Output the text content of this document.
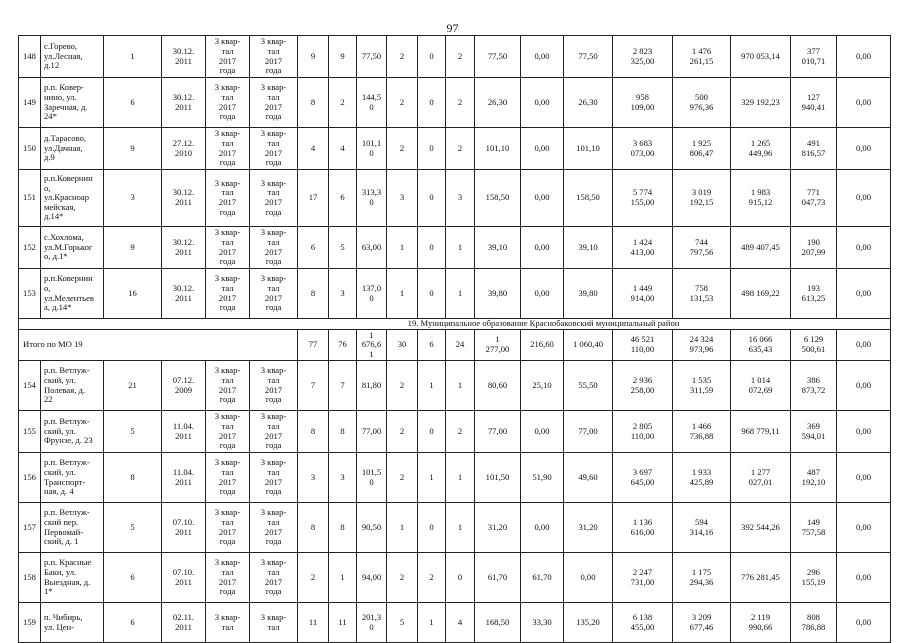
97
148	с.Горево,
ул.Лесная,
д.12	1	30.12.
2011	3 квар-
тал
2017
года	3 квар-
тал
2017
года	9	9	77,50	2	0	2	77,50	0,00	77,50	2 823
325,00	1 476
261,15	970 053,14	377
010,71	0,00
149	р.п. Ковер-
нино, ул.
Заречная, д.
24*	6	30.12.
2011	3 квар-
тал
2017
года	3 квар-
тал
2017
года	8	2	144,5
0	2	0	2	26,30	0,00	26,30	958
109,00	500
976,36	329 192,23	127
940,41	0,00
150	д.Тарасово,
ул.Дачная,
д.9	9	27.12.
2010	3 квар-
тал
2017
года	3 квар-
тал
2017
года	4	4	101,1
0	2	0	2	101,10	0,00	101,10	3 683
073,00	1 925
806,47	1 265
449,96	491
816,57	0,00
151	р.п.Ковернин
о,
ул.Красноар
мейская,
д.14*	3	30.12.
2011	3 квар-
тал
2017
года	3 квар-
тал
2017
года	17	6	313,3
0	3	0	3	158,50	0,00	158,50	5 774
155,00	3 019
192,15	1 983
915,12	771
047,73	0,00
152	с.Хохлома,
ул.М.Горьког
о, д.1*	9	30.12.
2011	3 квар-
тал
2017
года	3 квар-
тал
2017
года	6	5	63,00	1	0	1	39,10	0,00	39,10	1 424
413,00	744
797,56	489 407,45	190
207,99	0,00
153	р.п.Ковернин
о,
ул.Мелентьев
а, д.14*	16	30.12.
2011	3 квар-
тал
2017
года	3 квар-
тал
2017
года	8	3	137,0
0	1	0	1	39,80	0,00	39,80	1 449
914,00	758
131,53	498 169,22	193
613,25	0,00
19. Муниципальное образование Краснобаковский муниципальный район																			
Итого по МО 19						77	76	1
676,6
1	30	6	24	1
277,00	216,60	1 060,40	46 521
110,00	24 324
973,96	16 066
635,43	6 129
500,61	0,00
154	р.п. Ветлуж-
ский, ул.
Полевая, д.
22	21	07.12.
2009	3 квар-
тал
2017
года	3 квар-
тал
2017
года	7	7	81,80	2	1	1	80,60	25,10	55,50	2 936
258,00	1 535
311,59	1 014
072,69	386
873,72	0,00
155	р.п. Ветлуж-
ский, ул.
Фрунзе, д. 23	5	11.04.
2011	3 квар-
тал
2017
года	3 квар-
тал
2017
года	8	8	77,00	2	0	2	77,00	0,00	77,00	2 805
110,00	1 466
736,88	968 779,11	369
594,01	0,00
156	р.п. Ветлуж-
ский, ул.
Транспорт-
ная, д. 4	8	11.04.
2011	3 квар-
тал
2017
года	3 квар-
тал
2017
года	3	3	101,5
0	2	1	1	101,50	51,90	49,60	3 697
645,00	1 933
425,89	1 277
027,01	487
192,10	0,00
157	р.п. Ветлуж-
ский пер.
Первомай-
ский, д. 1	5	07.10.
2011	3 квар-
тал
2017
года	3 квар-
тал
2017
года	8	8	90,50	1	0	1	31,20	0,00	31,20	1 136
616,00	594
314,16	392 544,26	149
757,58	0,00
158	р.п. Красные
Баки, ул.
Выездная, д.
1*	6	07.10.
2011	3 квар-
тал
2017
года	3 квар-
тал
2017
года	2	1	94,00	2	2	0	61,70	61,70	0,00	2 247
731,00	1 175
294,36	776 281,45	296
155,19	0,00
159	п. Чибирь,
ул. Цен-	6	02.11.
2011	3 квар-
тал	3 квар-
тал	11	11	201,3
0	5	1	4	168,50	33,30	135,20	6 138
455,00	3 209
677,46	2 119
990,66	808
786,88	0,00
